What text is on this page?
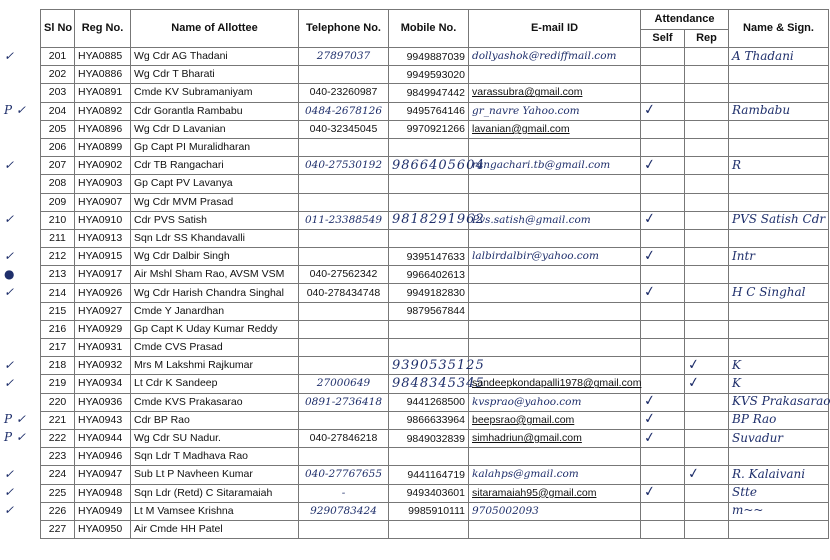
✓
P ✓
✓
✓
✓
●
✓
✓
✓
P ✓
P ✓
✓
✓
✓
Sl No	Reg No.	Name of Allottee	Telephone No.	Mobile No.	E-mail ID	Attendance		Name & Sign.
						Self	Rep	
201	HYA0885	Wg Cdr AG Thadani	27897037	9949887039	dollyashok@rediffmail.com			A Thadani
202	HYA0886	Wg Cdr T Bharati		9949593020				
203	HYA0891	Cmde KV Subramaniyam	040-23260987	9849947442	varassubra@gmail.com			
204	HYA0892	Cdr Gorantla Rambabu	0484-2678126	9495764146	gr_navre Yahoo.com	✓		Rambabu
205	HYA0896	Wg Cdr D Lavanian	040-32345045	9970921266	lavanian@gmail.com			
206	HYA0899	Gp Capt PI Muralidharan						
207	HYA0902	Cdr TB Rangachari	040-27530192	9866405604	rangachari.tb@gmail.com	✓		R
208	HYA0903	Gp Capt PV Lavanya						
209	HYA0907	Wg Cdr MVM Prasad						
210	HYA0910	Cdr PVS Satish	011-23388549	9818291962	Pvs.satish@gmail.com	✓		PVS Satish Cdr
211	HYA0913	Sqn Ldr SS Khandavalli						
212	HYA0915	Wg Cdr Dalbir Singh		9395147633	lalbirdalbir@yahoo.com	✓		Intr
213	HYA0917	Air Mshl Sham Rao, AVSM VSM	040-27562342	9966402613				
214	HYA0926	Wg Cdr Harish Chandra Singhal	040-278434748	9949182830		✓		H C Singhal
215	HYA0927	Cmde Y Janardhan		9879567844				
216	HYA0929	Gp Capt K Uday Kumar Reddy						
217	HYA0931	Cmde CVS Prasad						
218	HYA0932	Mrs M Lakshmi Rajkumar		9390535125			✓	K
219	HYA0934	Lt Cdr K Sandeep	27000649	9848345345	sandeepkondapalli1978@gmail.com		✓	K
220	HYA0936	Cmde KVS Prakasarao	0891-2736418	9441268500	kvsprao@yahoo.com	✓		KVS Prakasarao
221	HYA0943	Cdr BP Rao		9866633964	beepsrao@gmail.com	✓		BP Rao
222	HYA0944	Wg Cdr SU Nadur.	040-27846218	9849032839	simhadriun@gmail.com	✓		Suvadur
223	HYA0946	Sqn Ldr T Madhava Rao						
224	HYA0947	Sub Lt P Navheen Kumar	040-27767655	9441164719	kalahps@gmail.com		✓	R. Kalaivani
225	HYA0948	Sqn Ldr (Retd) C Sitaramaiah	-	9493403601	sitaramaiah95@gmail.com	✓		Stte
226	HYA0949	Lt M Vamsee Krishna	9290783424	9985910111	9705002093			m~~
227	HYA0950	Air Cmde HH Patel						
